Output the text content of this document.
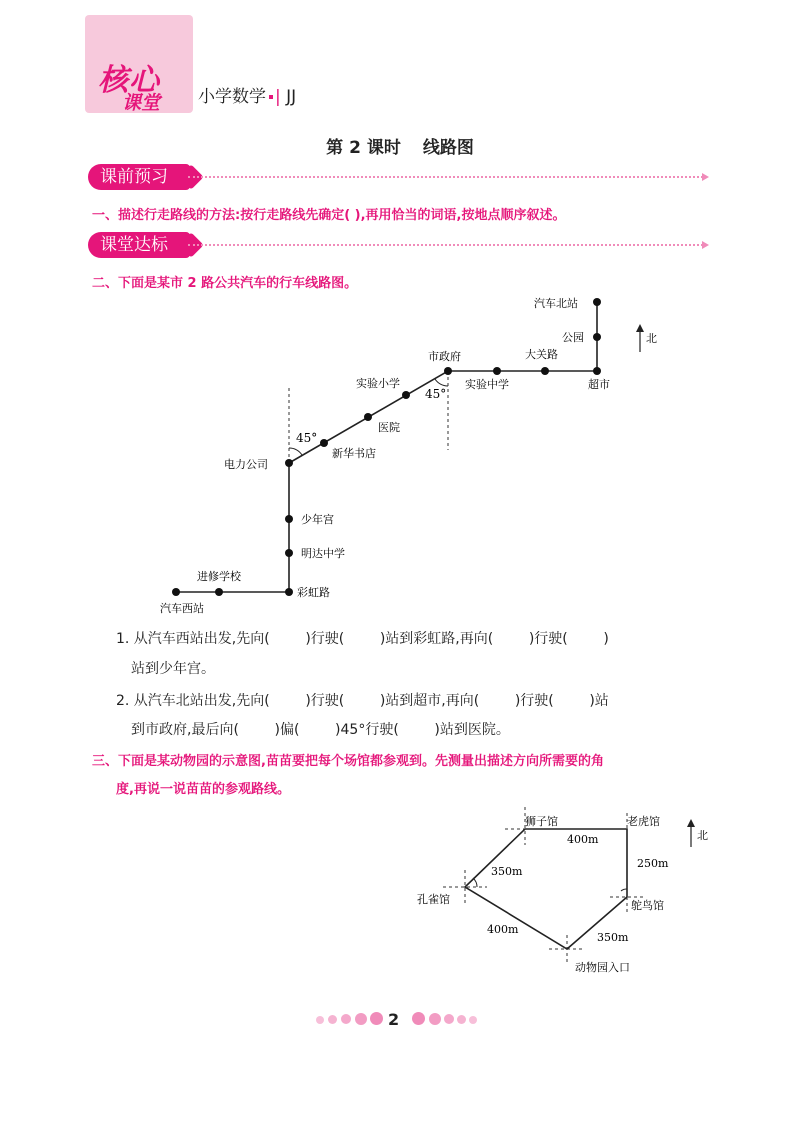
核心
课堂 小学数学 | JJ
第 2 课时 线路图
课前预习
一、描述行走路线的方法:按行走路线先确定( ),再用恰当的词语,按地点顺序叙述。
课堂达标
二、下面是某市 2 路公共汽车的行车线路图。
北
45°
45°
汽车北站
公园
市政府	大关路
实验中学	超市
实验小学
医院
新华书店
电力公司
少年宫
明达中学
进修学校
彩虹路
汽车西站
1. 从汽车西站出发,先向(        )行驶(        )站到彩虹路,再向(        )行驶(        )
站到少年宫。
2. 从汽车北站出发,先向(        )行驶(        )站到超市,再向(        )行驶(        )站
到市政府,最后向(        )偏(        )45°行驶(        )站到医院。
三、下面是某动物园的示意图,苗苗要把每个场馆都参观到。先测量出描述方向所需要的角
度,再说一说苗苗的参观路线。
北
狮子馆	老虎馆
孔雀馆	鸵鸟馆
动物园入口
400m
250m
350m
400m
350m
2
